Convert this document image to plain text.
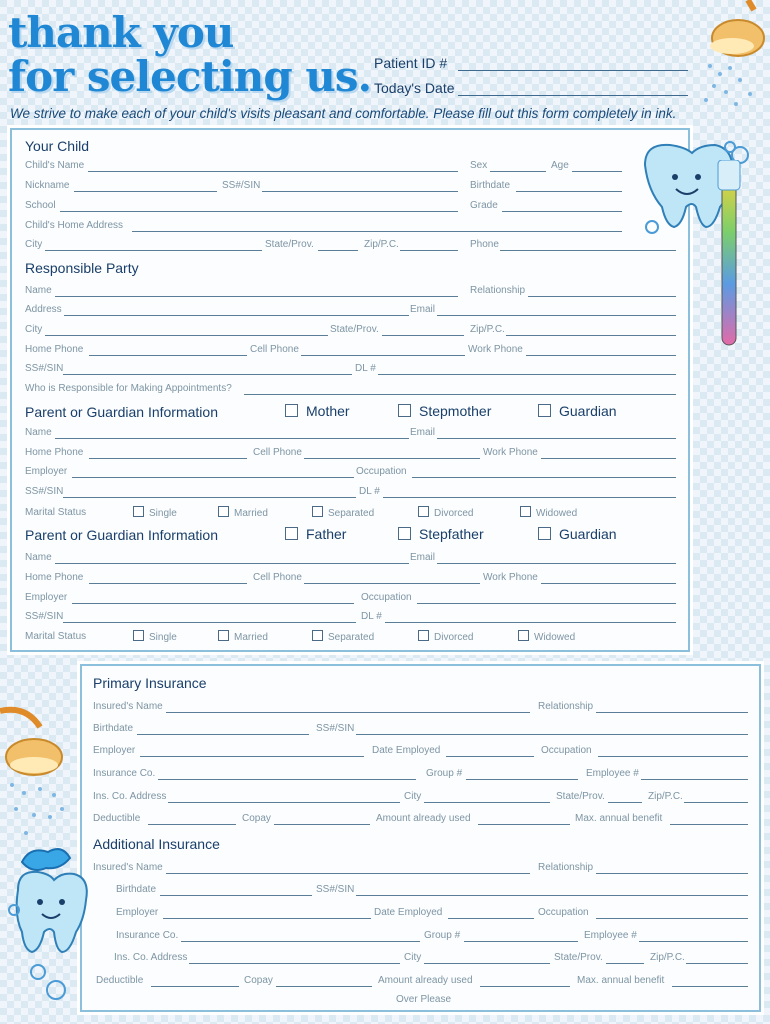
thank you
for selecting us. Patient ID #
Today's Date
We strive to make each of your child's visits pleasant and comfortable. Please fill out this form completely in ink.
Your Child
Child's Name	Sex	Age
Nickname	SS#/SIN	Birthdate
School	Grade
Child's Home Address
City	State/Prov.	Zip/P.C.	Phone
Responsible Party
Name	Relationship
Address	Email
City	State/Prov.	Zip/P.C.
Home Phone	Cell Phone	Work Phone
SS#/SIN	DL #
Who is Responsible for Making Appointments?
Parent or Guardian Information	Mother	Stepmother	Guardian
Name	Email
Home Phone	Cell Phone	Work Phone
Employer	Occupation
SS#/SIN	DL #
Marital Status	Single	Married	Separated	Divorced	Widowed
Parent or Guardian Information	Father	Stepfather	Guardian
Name	Email
Home Phone	Cell Phone	Work Phone
Employer	Occupation
SS#/SIN	DL #
Marital Status	Single	Married	Separated	Divorced	Widowed
Primary Insurance
Insured's Name	Relationship
Birthdate	SS#/SIN
Employer	Date Employed	Occupation
Insurance Co.	Group #	Employee #
Ins. Co. Address	City	State/Prov.	Zip/P.C.
Deductible	Copay	Amount already used	Max. annual benefit
Additional Insurance
Insured's Name	Relationship
Birthdate	SS#/SIN
Employer	Date Employed	Occupation
Insurance Co.	Group #	Employee #
Ins. Co. Address	City	State/Prov.	Zip/P.C.
Deductible	Copay	Amount already used	Max. annual benefit
Over Please
